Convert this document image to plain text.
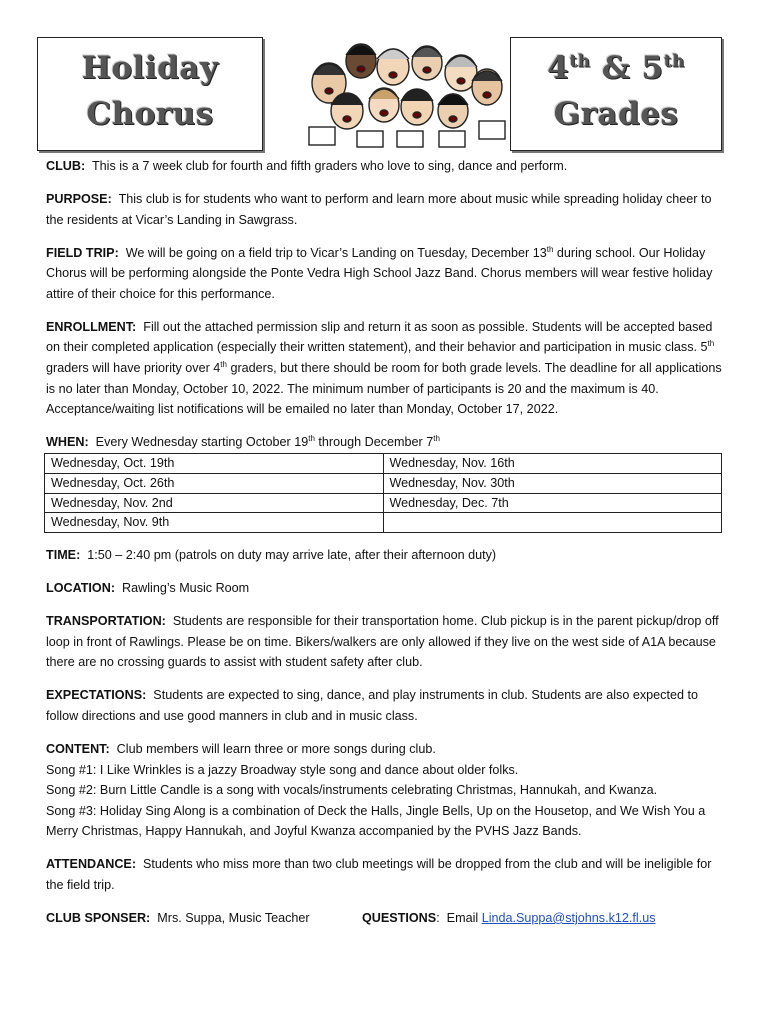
Holiday
Chorus
4th & 5th
Grades

CLUB: This is a 7 week club for fourth and fifth graders who love to sing, dance and perform.

PURPOSE: This club is for students who want to perform and learn more about music while spreading holiday cheer to the residents at Vicar’s Landing in Sawgrass.

FIELD TRIP: We will be going on a field trip to Vicar’s Landing on Tuesday, December 13th during school. Our Holiday Chorus will be performing alongside the Ponte Vedra High School Jazz Band. Chorus members will wear festive holiday attire of their choice for this performance.

ENROLLMENT: Fill out the attached permission slip and return it as soon as possible. Students will be accepted based on their completed application (especially their written statement), and their behavior and participation in music class. 5th graders will have priority over 4th graders, but there should be room for both grade levels. The deadline for all applications is no later than Monday, October 10, 2022. The minimum number of participants is 20 and the maximum is 40. Acceptance/waiting list notifications will be emailed no later than Monday, October 17, 2022.

WHEN: Every Wednesday starting October 19th through December 7th

Wednesday, Oct. 19th	Wednesday, Nov. 16th
Wednesday, Oct. 26th	Wednesday, Nov. 30th
Wednesday, Nov. 2nd	Wednesday, Dec. 7th
Wednesday, Nov. 9th	

TIME: 1:50 – 2:40 pm (patrols on duty may arrive late, after their afternoon duty)

LOCATION: Rawling’s Music Room

TRANSPORTATION: Students are responsible for their transportation home. Club pickup is in the parent pickup/drop off loop in front of Rawlings. Please be on time. Bikers/walkers are only allowed if they live on the west side of A1A because there are no crossing guards to assist with student safety after club.

EXPECTATIONS: Students are expected to sing, dance, and play instruments in club. Students are also expected to follow directions and use good manners in club and in music class.

CONTENT: Club members will learn three or more songs during club.
Song #1: I Like Wrinkles is a jazzy Broadway style song and dance about older folks.
Song #2: Burn Little Candle is a song with vocals/instruments celebrating Christmas, Hannukah, and Kwanza.
Song #3: Holiday Sing Along is a combination of Deck the Halls, Jingle Bells, Up on the Housetop, and We Wish You a Merry Christmas, Happy Hannukah, and Joyful Kwanza accompanied by the PVHS Jazz Bands.

ATTENDANCE: Students who miss more than two club meetings will be dropped from the club and will be ineligible for the field trip.

CLUB SPONSER: Mrs. Suppa, Music Teacher	QUESTIONS:  Email Linda.Suppa@stjohns.k12.fl.us
